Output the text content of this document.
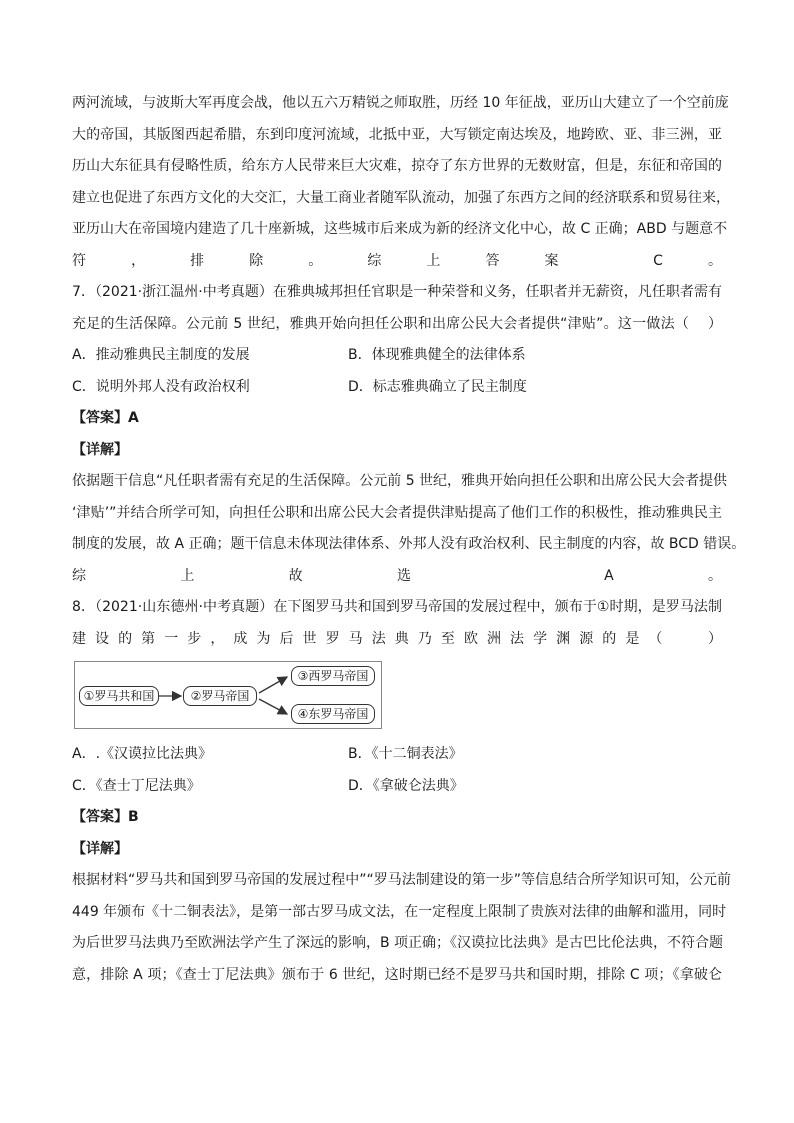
两河流域，与波斯大军再度会战，他以五六万精锐之师取胜，历经 10 年征战，亚历山大建立了一个空前庞
大的帝国，其版图西起希腊，东到印度河流域，北抵中亚，大写锁定南达埃及，地跨欧、亚、非三洲，亚
历山大东征具有侵略性质，给东方人民带来巨大灾难，掠夺了东方世界的无数财富，但是，东征和帝国的
建立也促进了东西方文化的大交汇，大量工商业者随军队流动，加强了东西方之间的经济联系和贸易往来，
亚历山大在帝国境内建造了几十座新城，这些城市后来成为新的经济文化中心，故 C 正确；ABD 与题意不
符，排除。综上答案 C。
7．（2021·浙江温州·中考真题）在雅典城邦担任官职是一种荣誉和义务，任职者并无薪资，凡任职者需有
充足的生活保障。公元前 5 世纪，雅典开始向担任公职和出席公民大会者提供“津贴”。这一做法（　 ）
A．推动雅典民主制度的发展	B．体现雅典健全的法律体系
C．说明外邦人没有政治权利	D．标志雅典确立了民主制度
【答案】A
【详解】
依据题干信息“凡任职者需有充足的生活保障。公元前 5 世纪，雅典开始向担任公职和出席公民大会者提供
‘津贴’”并结合所学可知，向担任公职和出席公民大会者提供津贴提高了他们工作的积极性，推动雅典民主
制度的发展，故 A 正确；题干信息未体现法律体系、外邦人没有政治权利、民主制度的内容，故 BCD 错误。
综上故选 A。
8．（2021·山东德州·中考真题）在下图罗马共和国到罗马帝国的发展过程中，颁布于①时期，是罗马法制
建设的第一步，成为后世罗马法典乃至欧洲法学渊源的是（　 ）
①罗马共和国	②罗马帝国
③西罗马帝国
④东罗马帝国
A．.《汉谟拉比法典》	B．《十二铜表法》
C．《查士丁尼法典》	D．《拿破仑法典》
【答案】B
【详解】
根据材料“罗马共和国到罗马帝国的发展过程中”“罗马法制建设的第一步”等信息结合所学知识可知，公元前
449 年颁布《十二铜表法》，是第一部古罗马成文法，在一定程度上限制了贵族对法律的曲解和滥用，同时
为后世罗马法典乃至欧洲法学产生了深远的影响，B 项正确；《汉谟拉比法典》是古巴比伦法典，不符合题
意，排除 A 项；《查士丁尼法典》颁布于 6 世纪，这时期已经不是罗马共和国时期，排除 C 项；《拿破仑
